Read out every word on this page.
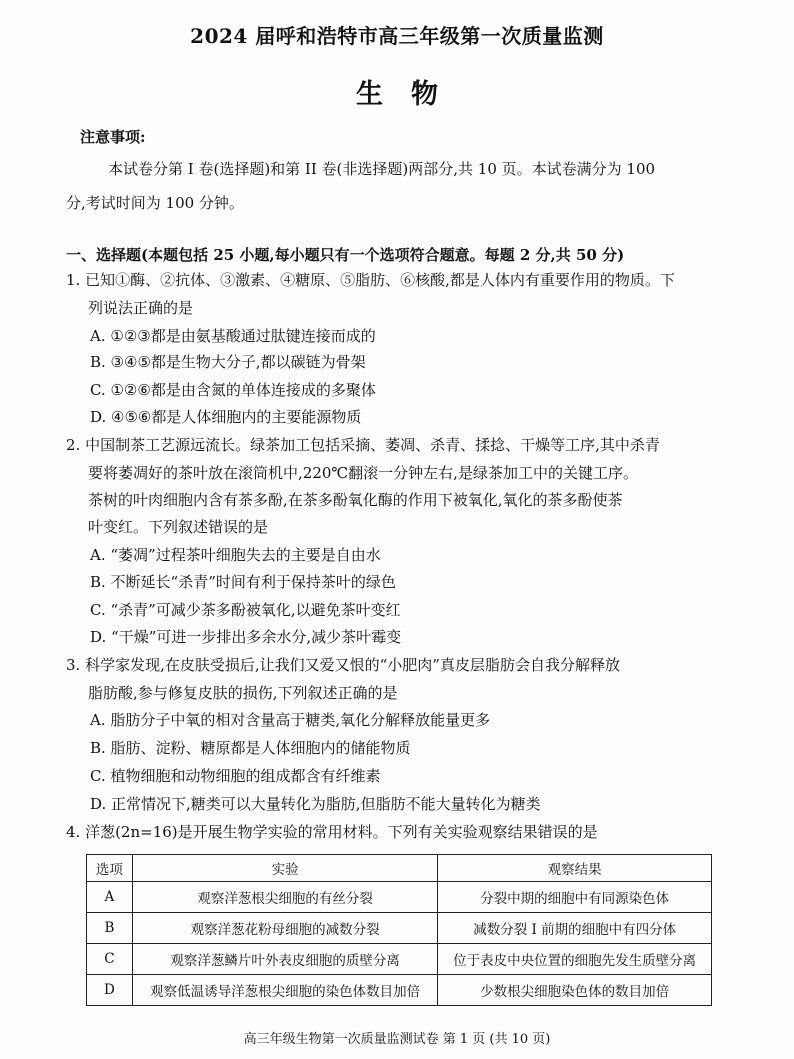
2024 届呼和浩特市高三年级第一次质量监测
生物
注意事项:
本试卷分第 I 卷(选择题)和第 II 卷(非选择题)两部分,共 10 页。本试卷满分为 100
分,考试时间为 100 分钟。
一、选择题(本题包括 25 小题,每小题只有一个选项符合题意。每题 2 分,共 50 分)
1. 已知①酶、②抗体、③激素、④糖原、⑤脂肪、⑥核酸,都是人体内有重要作用的物质。下
列说法正确的是
A. ①②③都是由氨基酸通过肽键连接而成的
B. ③④⑤都是生物大分子,都以碳链为骨架
C. ①②⑥都是由含氮的单体连接成的多聚体
D. ④⑤⑥都是人体细胞内的主要能源物质
2. 中国制茶工艺源远流长。绿茶加工包括采摘、萎凋、杀青、揉捻、干燥等工序,其中杀青
要将萎凋好的茶叶放在滚筒机中,220℃翻滚一分钟左右,是绿茶加工中的关键工序。
茶树的叶肉细胞内含有茶多酚,在茶多酚氧化酶的作用下被氧化,氧化的茶多酚使茶
叶变红。下列叙述错误的是
A. “萎凋”过程茶叶细胞失去的主要是自由水
B. 不断延长“杀青”时间有利于保持茶叶的绿色
C. “杀青”可减少茶多酚被氧化,以避免茶叶变红
D. “干燥”可进一步排出多余水分,减少茶叶霉变
3. 科学家发现,在皮肤受损后,让我们又爱又恨的“小肥肉”真皮层脂肪会自我分解释放
脂肪酸,参与修复皮肤的损伤,下列叙述正确的是
A. 脂肪分子中氧的相对含量高于糖类,氧化分解释放能量更多
B. 脂肪、淀粉、糖原都是人体细胞内的储能物质
C. 植物细胞和动物细胞的组成都含有纤维素
D. 正常情况下,糖类可以大量转化为脂肪,但脂肪不能大量转化为糖类
4. 洋葱(2n=16)是开展生物学实验的常用材料。下列有关实验观察结果错误的是
选项	实验	观察结果
A	观察洋葱根尖细胞的有丝分裂	分裂中期的细胞中有同源染色体
B	观察洋葱花粉母细胞的减数分裂	减数分裂 I 前期的细胞中有四分体
C	观察洋葱鳞片叶外表皮细胞的质壁分离	位于表皮中央位置的细胞先发生质壁分离
D	观察低温诱导洋葱根尖细胞的染色体数目加倍	少数根尖细胞染色体的数目加倍
高三年级生物第一次质量监测试卷 第 1 页 (共 10 页)
